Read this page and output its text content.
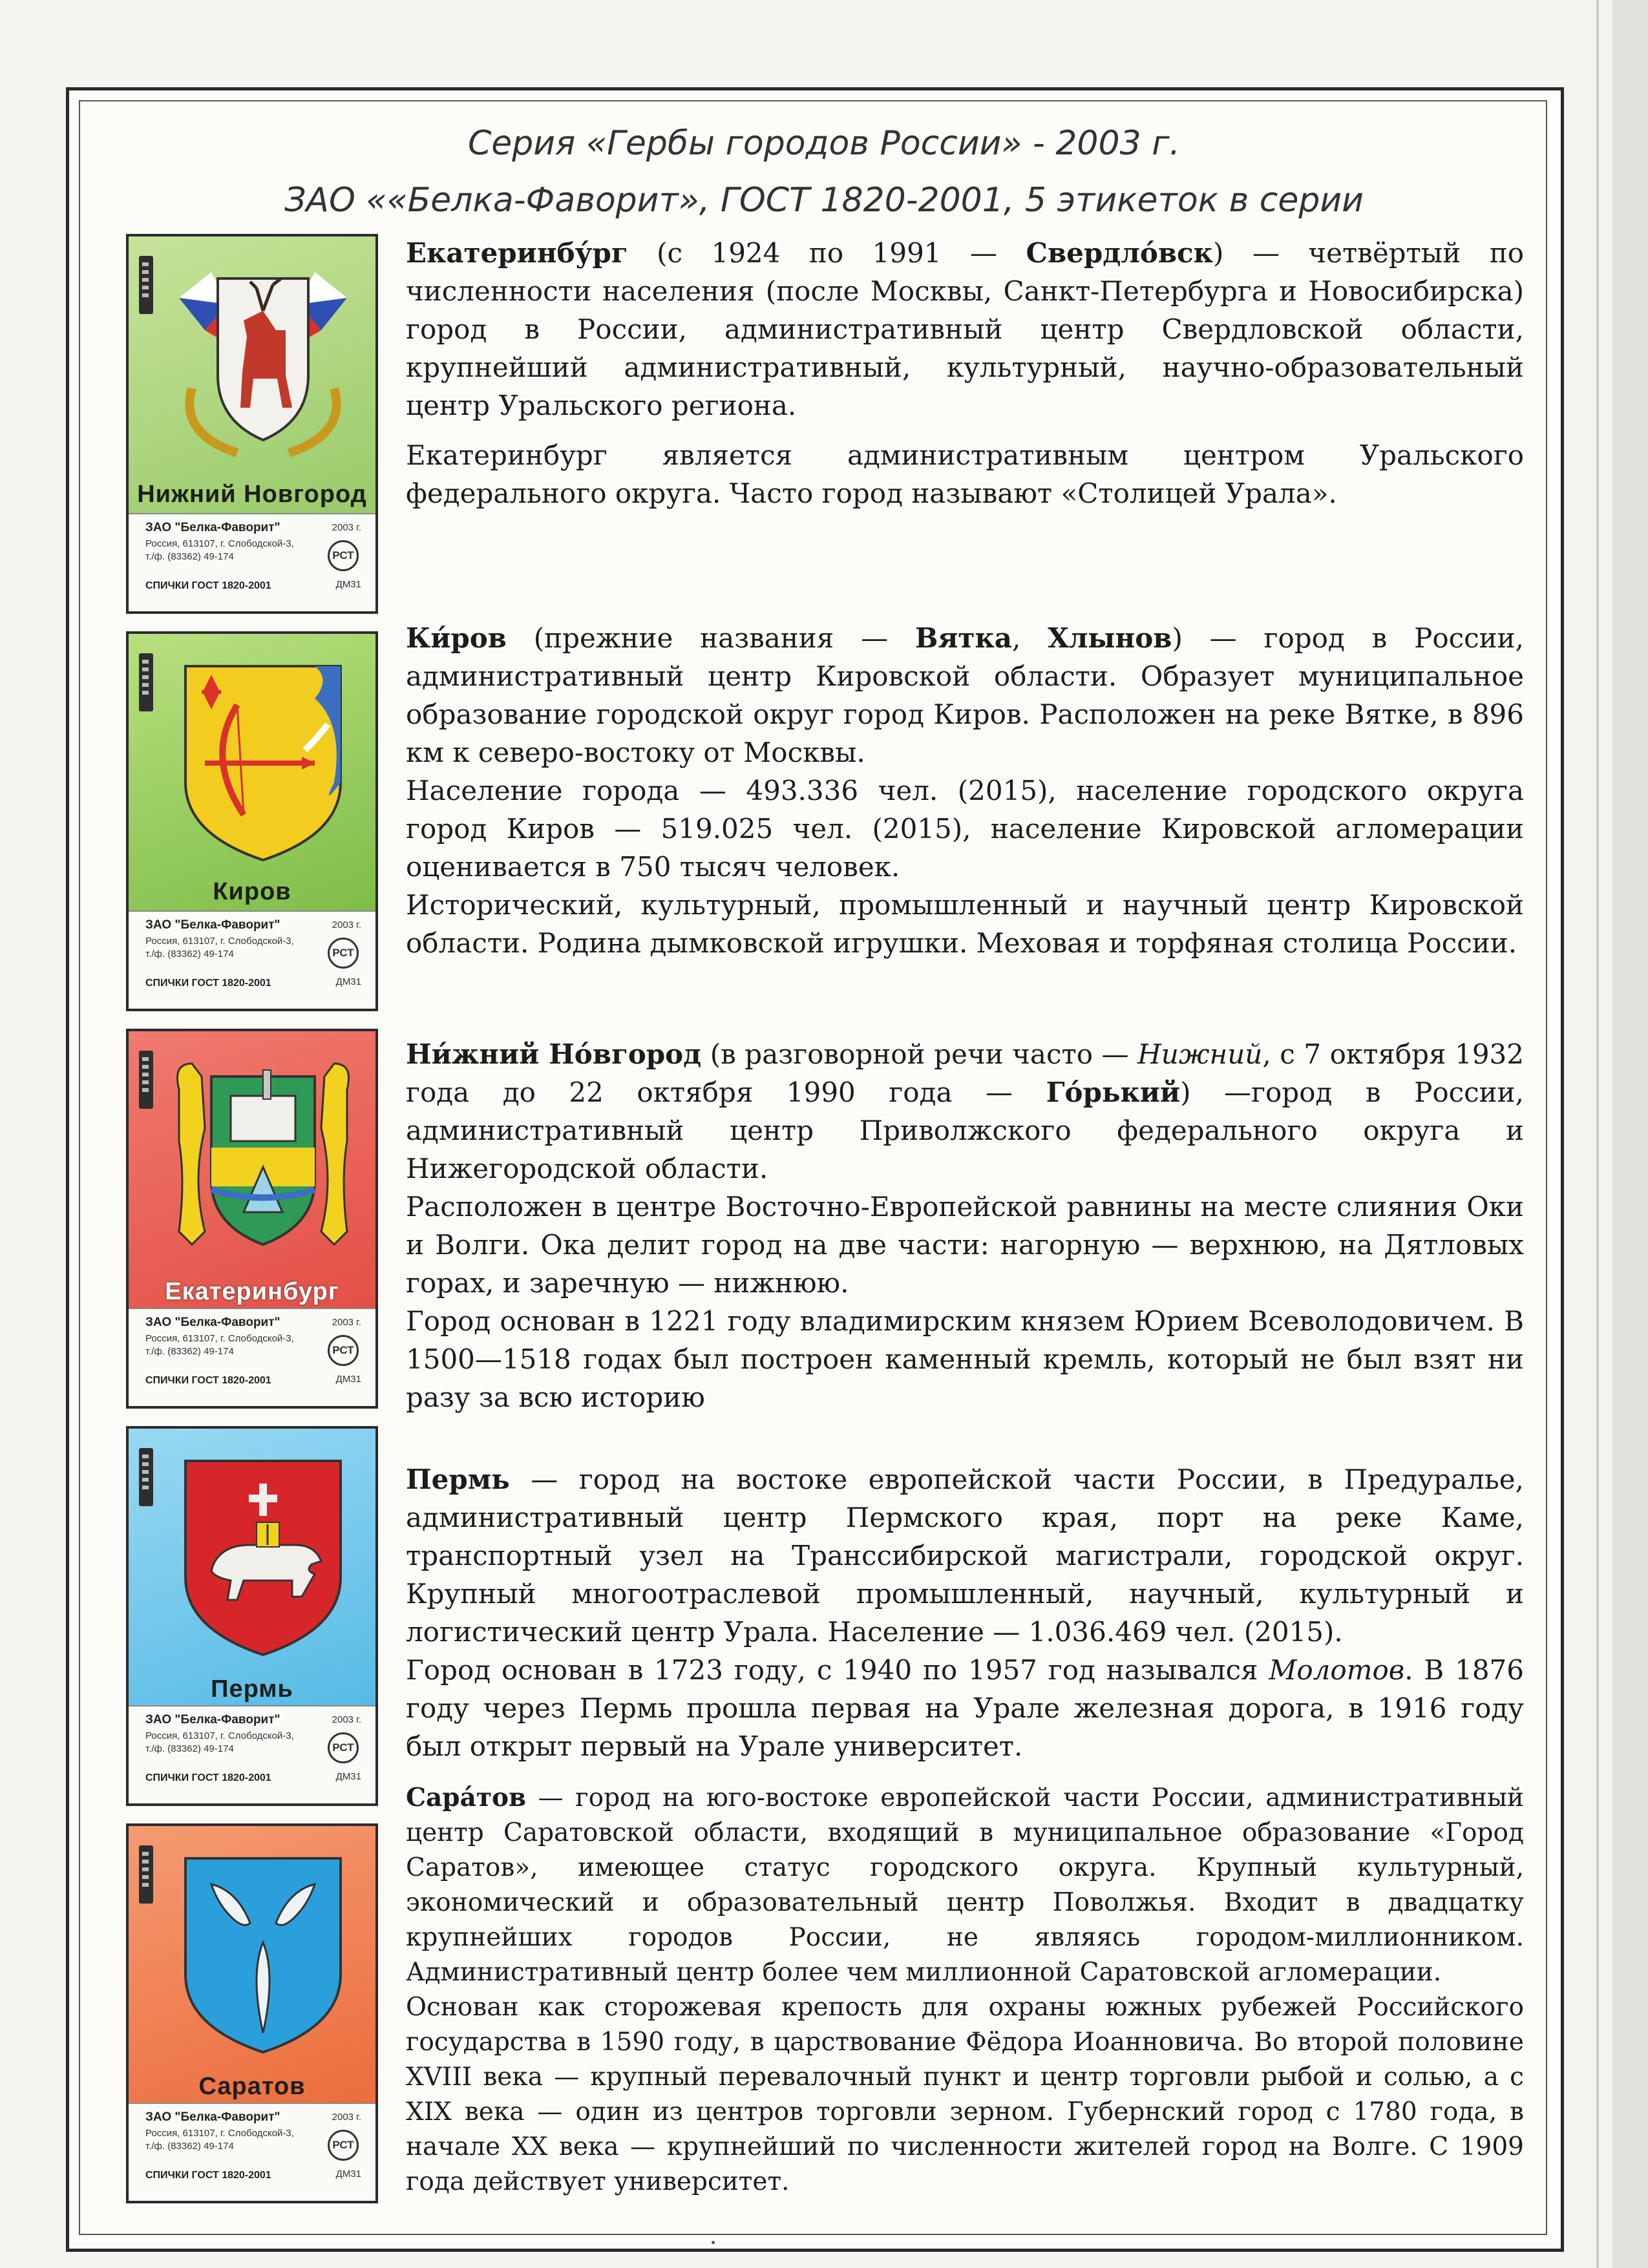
Серия «Гербы городов России» - 2003 г.
ЗАО ««Белка-Фаворит», ГОСТ 1820-2001, 5 этикеток в серии
Нижний Новгород
ЗАО "Белка-Фаворит"
Россия, 613107, г. Слободской-3,
т./ф. (83362) 49-174
СПИЧКИ ГОСТ 1820-2001
2003 г.
РСТ
ДМ31
Киров
ЗАО "Белка-Фаворит"
Россия, 613107, г. Слободской-3,
т./ф. (83362) 49-174
СПИЧКИ ГОСТ 1820-2001
2003 г.
РСТ
ДМ31
Екатеринбург
ЗАО "Белка-Фаворит"
Россия, 613107, г. Слободской-3,
т./ф. (83362) 49-174
СПИЧКИ ГОСТ 1820-2001
2003 г.
РСТ
ДМ31
Пермь
ЗАО "Белка-Фаворит"
Россия, 613107, г. Слободской-3,
т./ф. (83362) 49-174
СПИЧКИ ГОСТ 1820-2001
2003 г.
РСТ
ДМ31
Саратов
ЗАО "Белка-Фаворит"
Россия, 613107, г. Слободской-3,
т./ф. (83362) 49-174
СПИЧКИ ГОСТ 1820-2001
2003 г.
РСТ
ДМ31

Екатеринбу́рг (с 1924 по 1991 — Свердло́вск) — четвёртый по численности населения (после Москвы, Санкт-Петербурга и Новосибирска) город в России, административный центр Свердловской области, крупнейший административный, культурный, научно-образовательный центр Уральского региона.

Екатеринбург является административным центром Уральского федерального округа. Часто город называют «Столицей Урала».

Ки́ров (прежние названия — Вятка, Хлынов) — город в России, административный центр Кировской области. Образует муниципальное образование городской округ город Киров. Расположен на реке Вятке, в 896 км к северо-востоку от Москвы.

Население города — 493.336 чел. (2015), население городского округа город Киров — 519.025 чел. (2015), население Кировской агломерации оценивается в 750 тысяч человек.

Исторический, культурный, промышленный и научный центр Кировской области. Родина дымковской игрушки. Меховая и торфяная столица России.

Ни́жний Но́вгород (в разговорной речи часто — Нижний, с 7 октября 1932 года до 22 октября 1990 года — Го́рький) —город в России, административный центр Приволжского федерального округа и Нижегородской области.

Расположен в центре Восточно-Европейской равнины на месте слияния Оки и Волги. Ока делит город на две части: нагорную — верхнюю, на Дятловых горах, и заречную — нижнюю.

Город основан в 1221 году владимирским князем Юрием Всеволодовичем. В 1500—1518 годах был построен каменный кремль, который не был взят ни разу за всю историю

Пермь — город на востоке европейской части России, в Предуралье, административный центр Пермского края, порт на реке Каме, транспортный узел на Транссибирской магистрали, городской округ. Крупный многоотраслевой промышленный, научный, культурный и логистический центр Урала. Население — 1.036.469 чел. (2015).

Город основан в 1723 году, с 1940 по 1957 год назывался Молотов. В 1876 году через Пермь прошла первая на Урале железная дорога, в 1916 году был открыт первый на Урале университет.

Сара́тов — город на юго-востоке европейской части России, административный центр Саратовской области, входящий в муниципальное образование «Город Саратов», имеющее статус городского округа. Крупный культурный, экономический и образовательный центр Поволжья. Входит в двадцатку крупнейших городов России, не являясь городом-миллионником. Административный центр более чем миллионной Саратовской агломерации.

Основан как сторожевая крепость для охраны южных рубежей Российского государства в 1590 году, в царствование Фёдора Иоанновича. Во второй половине XVIII века — крупный перевалочный пункт и центр торговли рыбой и солью, а с XIX века — один из центров торговли зерном. Губернский город с 1780 года, в начале XX века — крупнейший по численности жителей город на Волге. С 1909 года действует университет.
